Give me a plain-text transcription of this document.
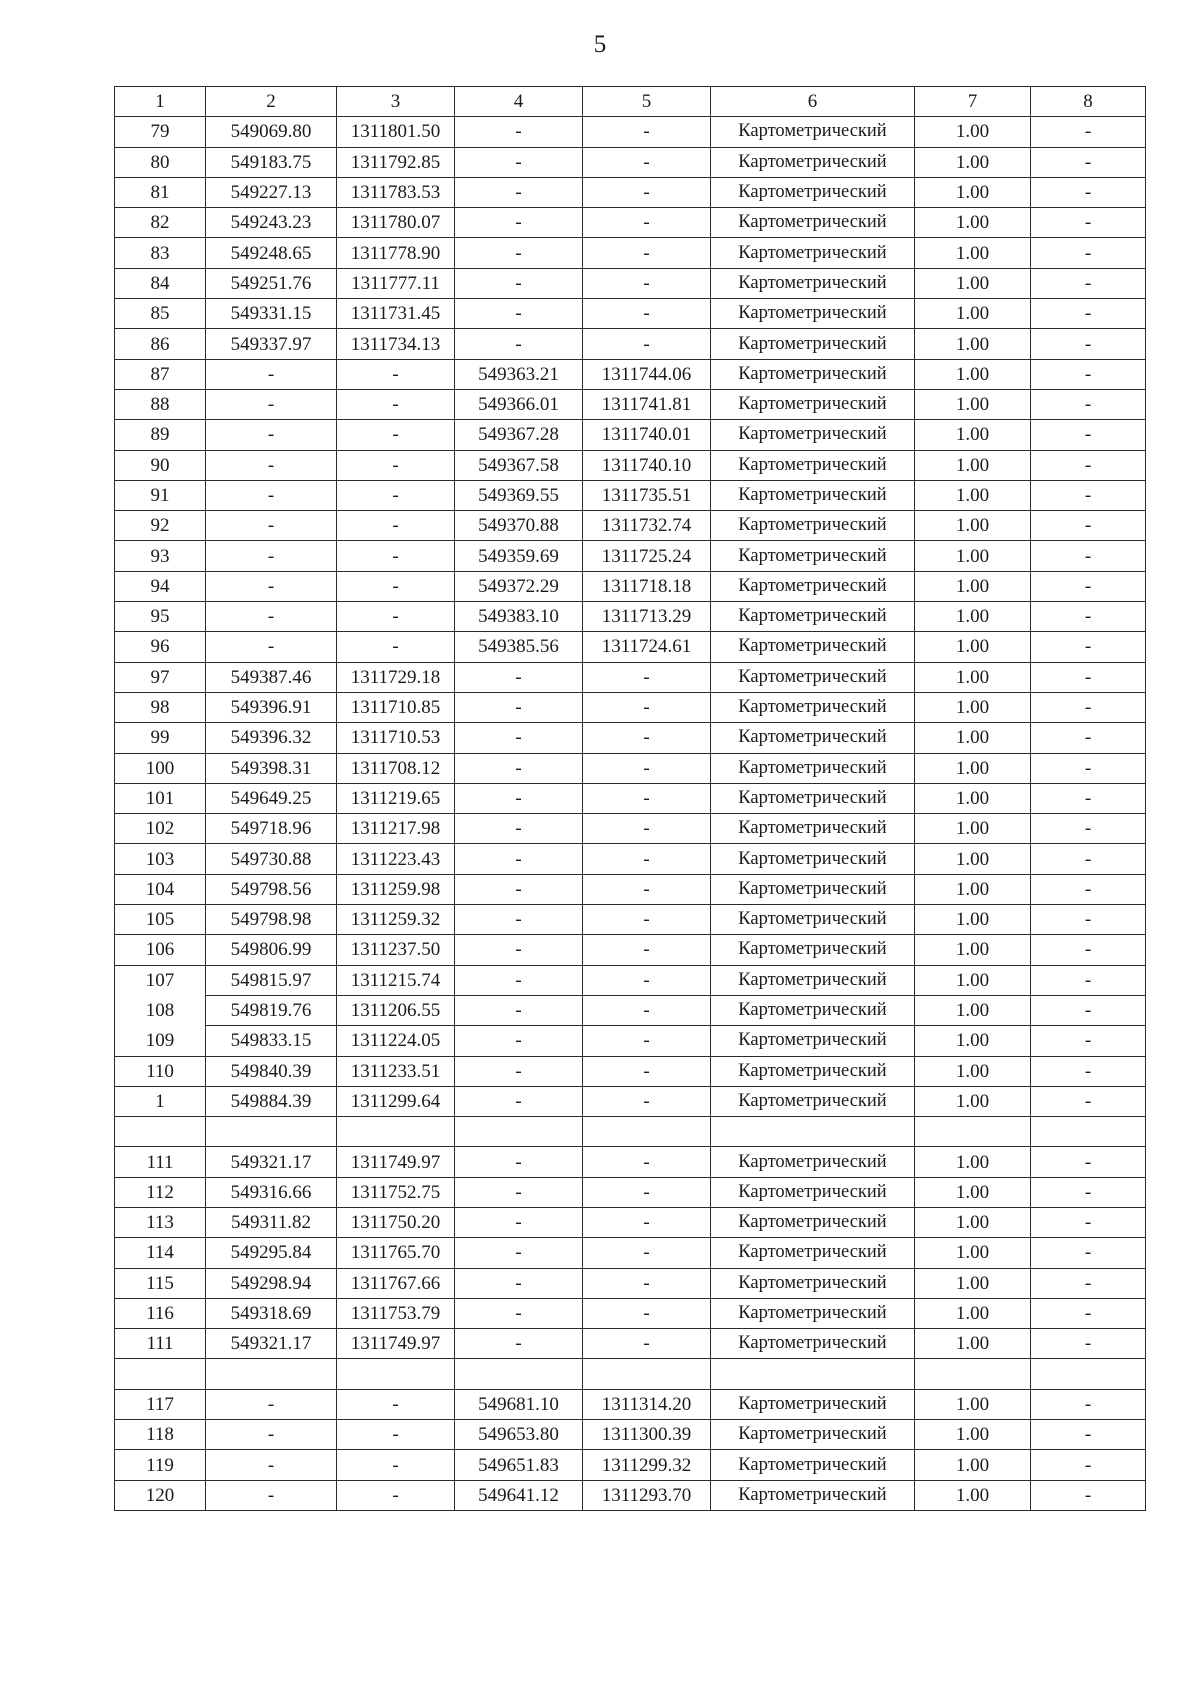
5
1	2	3	4	5	6	7	8
79	549069.80	1311801.50	-	-	Картометрический	1.00	-
80	549183.75	1311792.85	-	-	Картометрический	1.00	-
81	549227.13	1311783.53	-	-	Картометрический	1.00	-
82	549243.23	1311780.07	-	-	Картометрический	1.00	-
83	549248.65	1311778.90	-	-	Картометрический	1.00	-
84	549251.76	1311777.11	-	-	Картометрический	1.00	-
85	549331.15	1311731.45	-	-	Картометрический	1.00	-
86	549337.97	1311734.13	-	-	Картометрический	1.00	-
87	-	-	549363.21	1311744.06	Картометрический	1.00	-
88	-	-	549366.01	1311741.81	Картометрический	1.00	-
89	-	-	549367.28	1311740.01	Картометрический	1.00	-
90	-	-	549367.58	1311740.10	Картометрический	1.00	-
91	-	-	549369.55	1311735.51	Картометрический	1.00	-
92	-	-	549370.88	1311732.74	Картометрический	1.00	-
93	-	-	549359.69	1311725.24	Картометрический	1.00	-
94	-	-	549372.29	1311718.18	Картометрический	1.00	-
95	-	-	549383.10	1311713.29	Картометрический	1.00	-
96	-	-	549385.56	1311724.61	Картометрический	1.00	-
97	549387.46	1311729.18	-	-	Картометрический	1.00	-
98	549396.91	1311710.85	-	-	Картометрический	1.00	-
99	549396.32	1311710.53	-	-	Картометрический	1.00	-
100	549398.31	1311708.12	-	-	Картометрический	1.00	-
101	549649.25	1311219.65	-	-	Картометрический	1.00	-
102	549718.96	1311217.98	-	-	Картометрический	1.00	-
103	549730.88	1311223.43	-	-	Картометрический	1.00	-
104	549798.56	1311259.98	-	-	Картометрический	1.00	-
105	549798.98	1311259.32	-	-	Картометрический	1.00	-
106	549806.99	1311237.50	-	-	Картометрический	1.00	-
107	549815.97	1311215.74	-	-	Картометрический	1.00	-
108	549819.76	1311206.55	-	-	Картометрический	1.00	-
109	549833.15	1311224.05	-	-	Картометрический	1.00	-
110	549840.39	1311233.51	-	-	Картометрический	1.00	-
1	549884.39	1311299.64	-	-	Картометрический	1.00	-

111	549321.17	1311749.97	-	-	Картометрический	1.00	-
112	549316.66	1311752.75	-	-	Картометрический	1.00	-
113	549311.82	1311750.20	-	-	Картометрический	1.00	-
114	549295.84	1311765.70	-	-	Картометрический	1.00	-
115	549298.94	1311767.66	-	-	Картометрический	1.00	-
116	549318.69	1311753.79	-	-	Картометрический	1.00	-
111	549321.17	1311749.97	-	-	Картометрический	1.00	-

117	-	-	549681.10	1311314.20	Картометрический	1.00	-
118	-	-	549653.80	1311300.39	Картометрический	1.00	-
119	-	-	549651.83	1311299.32	Картометрический	1.00	-
120	-	-	549641.12	1311293.70	Картометрический	1.00	-
